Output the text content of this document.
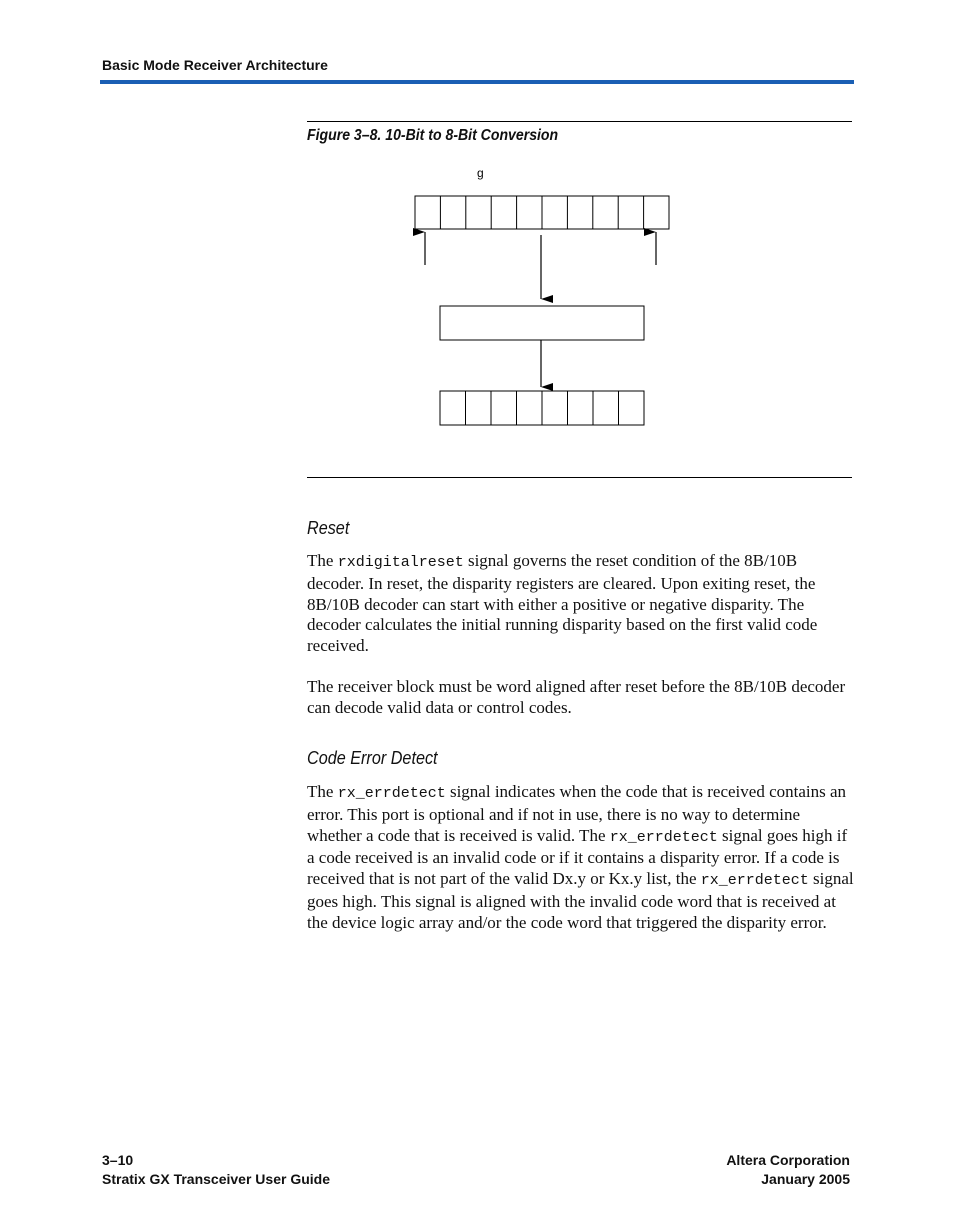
Basic Mode Receiver Architecture
Figure 3–8. 10-Bit to 8-Bit Conversion
g
Reset
The rxdigitalreset signal governs the reset condition of the 8B/10B decoder. In reset, the disparity registers are cleared. Upon exiting reset, the 8B/10B decoder can start with either a positive or negative disparity. The decoder calculates the initial running disparity based on the first valid code received.
The receiver block must be word aligned after reset before the 8B/10B decoder can decode valid data or control codes.
Code Error Detect
The rx_errdetect signal indicates when the code that is received contains an error. This port is optional and if not in use, there is no way to determine whether a code that is received is valid. The rx_errdetect signal goes high if a code received is an invalid code or if it contains a disparity error. If a code is received that is not part of the valid Dx.y or Kx.y list, the rx_errdetect signal goes high. This signal is aligned with the invalid code word that is received at the device logic array and/or the code word that triggered the disparity error.
3–10
Stratix GX Transceiver User Guide
Altera Corporation
January 2005
